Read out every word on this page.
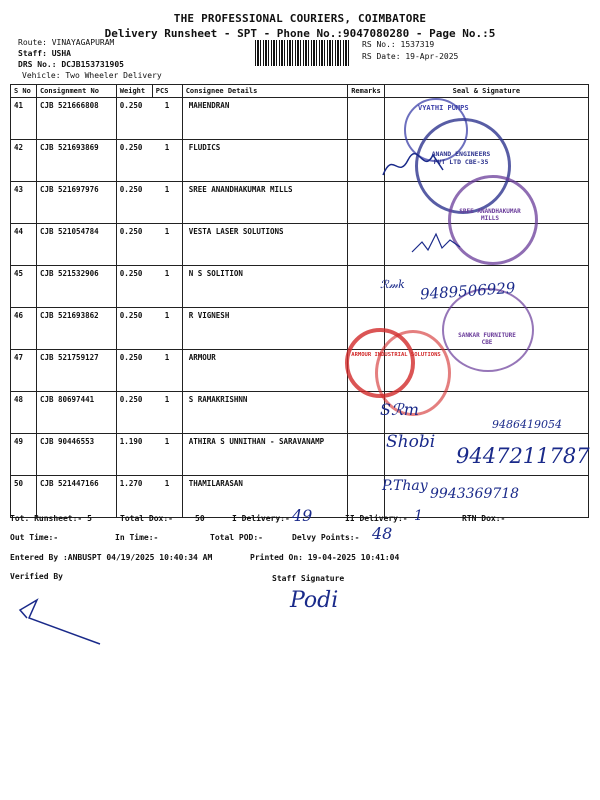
THE PROFESSIONAL COURIERS, COIMBATORE
Delivery Runsheet - SPT - Phone No.:9047080280 - Page No.:5
Route: VINAYAGAPURAM
Staff: USHA
DRS No.: DCJB153731905
Vehicle: Two Wheeler Delivery
RS No.: 1537319
RS Date: 19-Apr-2025
S No	Consignment No	Weight	PCS	Consignee Details	Remarks	Seal & Signature
41	CJB 521666808	0.250	1	MAHENDRAN		
42	CJB 521693869	0.250	1	FLUDICS		
43	CJB 521697976	0.250	1	SREE ANANDHAKUMAR MILLS		
44	CJB 521054784	0.250	1	VESTA LASER SOLUTIONS		
45	CJB 521532906	0.250	1	N S SOLITION		
46	CJB 521693862	0.250	1	R VIGNESH		
47	CJB 521759127	0.250	1	ARMOUR		
48	CJB 80697441	0.250	1	S RAMAKRISHNN		
49	CJB 90446553	1.190	1	ATHIRA S UNNITHAN - SARAVANAMP		
50	CJB 521447166	1.270	1	THAMILARASAN		
VYATHI PUMPS
ANAND ENGINEERS PVT LTD CBE-35
SREE ANANDHAKUMAR MILLS
SANKAR FURNITURE CBE
ARMOUR INDUSTRIAL SOLUTIONS
ℛ𝓂k 9489506929
Sℛm
9486419054
Shobi
9447211787
P.Thay 9943369718
Tot. Runsheet:- 5	Total Dox:-	50	I Delivery:- 49	II Delivery:- 1	RTN Dox:-
Out Time:-	In Time:-	Total POD:-	Delvy Points:- 48
Entered By :ANBUSPT 04/19/2025 10:40:34 AM	Printed On: 19-04-2025 10:41:04
Verified By	Staff Signature
Podi
